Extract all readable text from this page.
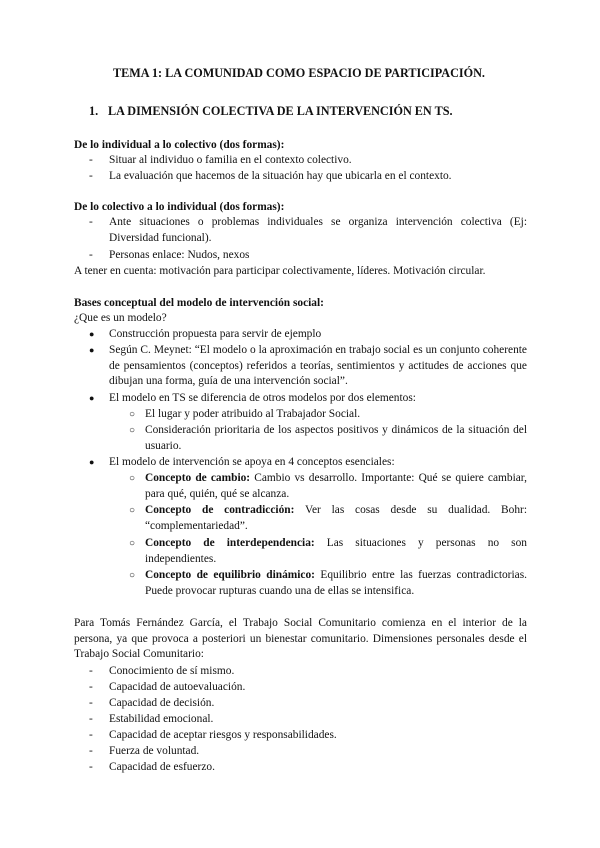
TEMA 1: LA COMUNIDAD COMO ESPACIO DE PARTICIPACIÓN.
1. LA DIMENSIÓN COLECTIVA DE LA INTERVENCIÓN EN TS.
De lo individual a lo colectivo (dos formas):
- Situar al individuo o familia en el contexto colectivo.
- La evaluación que hacemos de la situación hay que ubicarla en el contexto.
De lo colectivo a lo individual (dos formas):
- Ante situaciones o problemas individuales se organiza intervención colectiva (Ej: Diversidad funcional).
- Personas enlace: Nudos, nexos
A tener en cuenta: motivación para participar colectivamente, líderes. Motivación circular.
Bases conceptual del modelo de intervención social:
¿Que es un modelo?
● Construcción propuesta para servir de ejemplo
●	Según C. Meynet: “El modelo o la aproximación en trabajo social es un conjunto coherente de pensamientos (conceptos) referidos a teorías, sentimientos y actitudes de acciones que dibujan una forma, guía de una intervención social”.
● El modelo en TS se diferencia de otros modelos por dos elementos:
○ El lugar y poder atribuido al Trabajador Social.
○ Consideración prioritaria de los aspectos positivos y dinámicos de la situación del usuario.
● El modelo de intervención se apoya en 4 conceptos esenciales:
○ Concepto de cambio: Cambio vs desarrollo. Importante: Qué se quiere cambiar, para qué, quién, qué se alcanza.
○ Concepto de contradicción: Ver las cosas desde su dualidad. Bohr: “complementariedad”.
○ Concepto de interdependencia: Las situaciones y personas no son independientes.
○ Concepto de equilibrio dinámico: Equilibrio entre las fuerzas contradictorias. Puede provocar rupturas cuando una de ellas se intensifica.
Para Tomás Fernández García, el Trabajo Social Comunitario comienza en el interior de la persona, ya que provoca a posteriori un bienestar comunitario. Dimensiones personales desde el Trabajo Social Comunitario:
- Conocimiento de sí mismo.
- Capacidad de autoevaluación.
- Capacidad de decisión.
- Estabilidad emocional.
- Capacidad de aceptar riesgos y responsabilidades.
- Fuerza de voluntad.
- Capacidad de esfuerzo.
